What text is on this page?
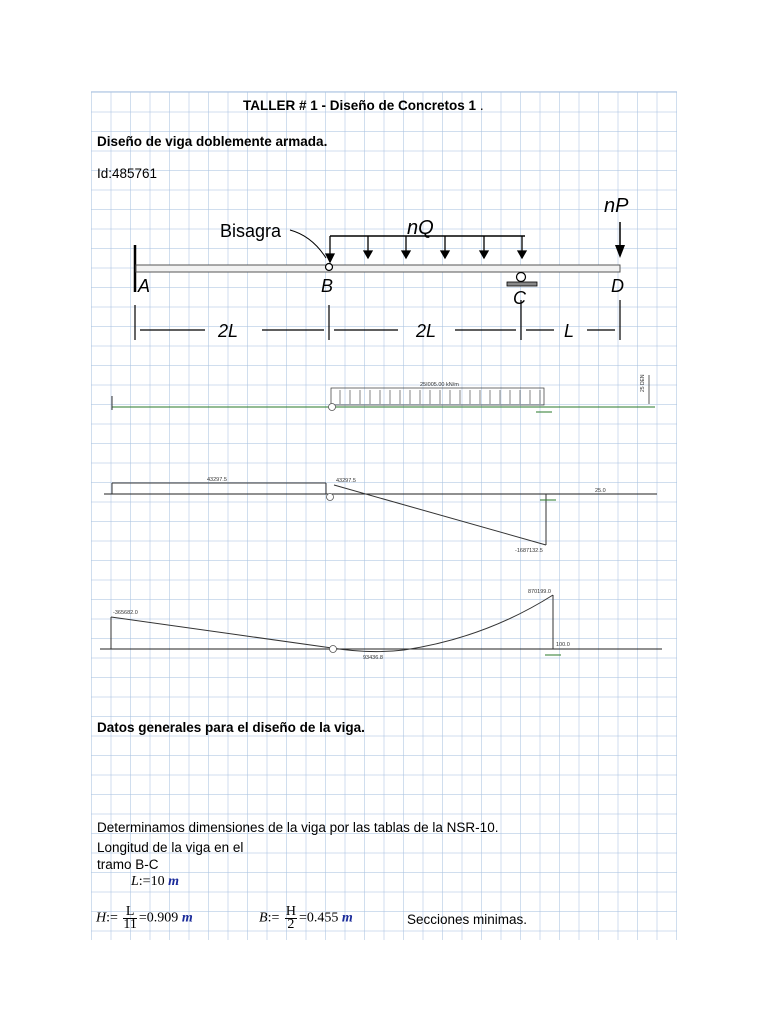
TALLER # 1 - Diseño de Concretos 1 .
Diseño de viga doblemente armada.
Id:485761
Bisagra	nQ
nP
A	B
C
D
2L	2L	L
25I005.00 kN/m	25 DEN
43297.5	43297.5
-1687132.5
25.0
-365682.0
93436.8
870199.0
100.0
Datos generales para el diseño de la viga.
Determinamos dimensiones de la viga por las tablas de la NSR-10.
Longitud de la viga en el
tramo B-C
L:=10 m
H:= $\frac{L}{11} =0.909$ m	B:= $\frac{H}{2} =0.455$ m	Secciones minimas.
